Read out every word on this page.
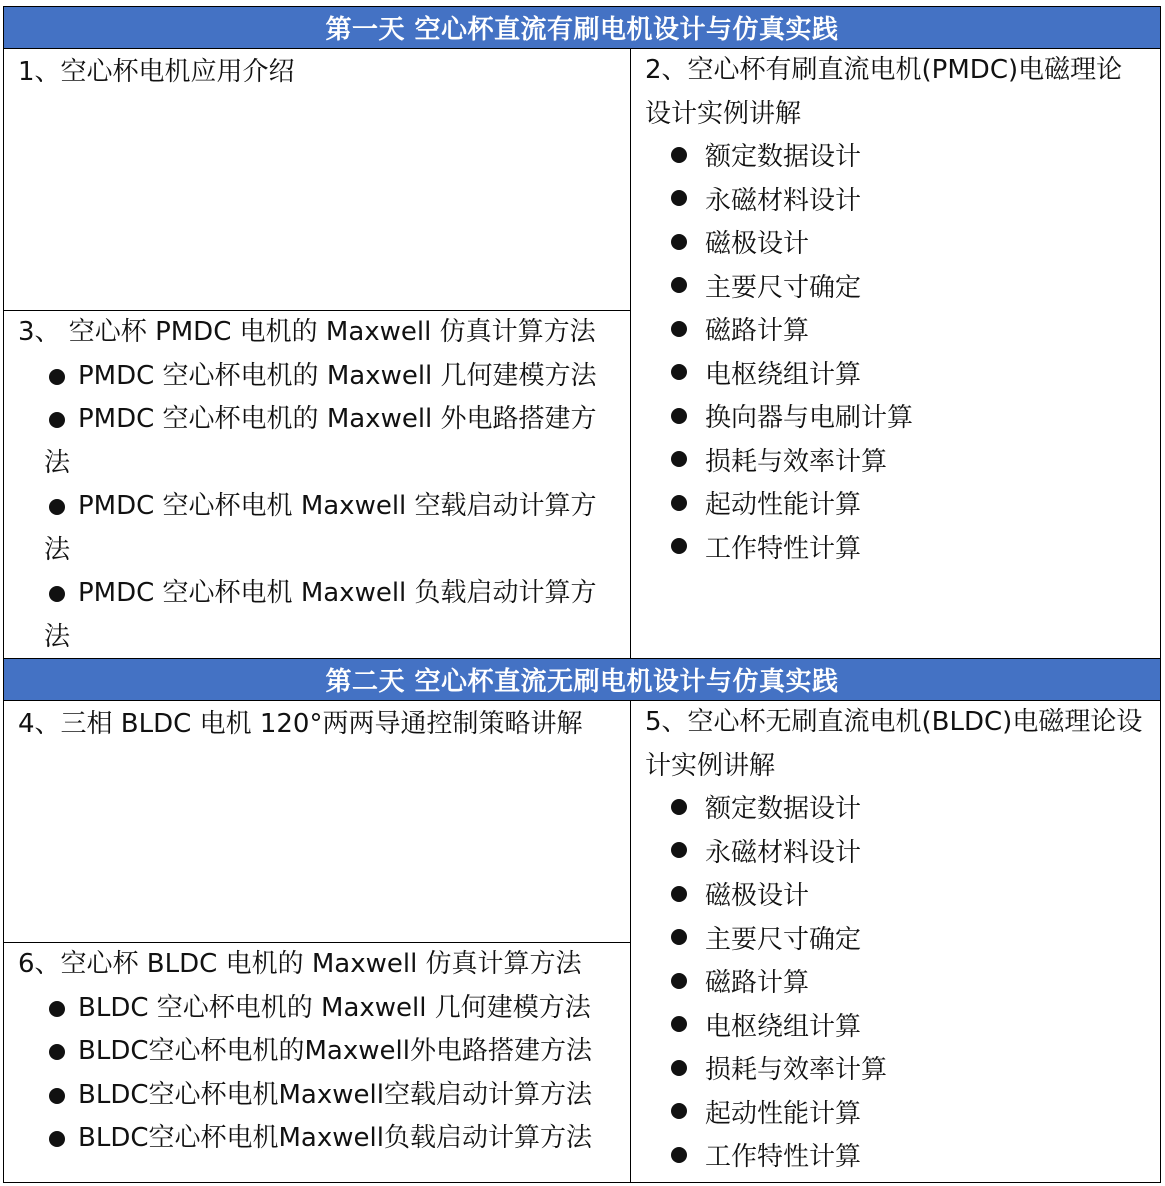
第一天 空心杯直流有刷电机设计与仿真实践
1、空心杯电机应用介绍
3、 空心杯 PMDC 电机的 Maxwell 仿真计算方法
PMDC 空心杯电机的 Maxwell 几何建模方法
PMDC 空心杯电机的 Maxwell 外电路搭建方
法
PMDC 空心杯电机 Maxwell 空载启动计算方
法
PMDC 空心杯电机 Maxwell 负载启动计算方
法
2、空心杯有刷直流电机(PMDC)电磁理论
设计实例讲解
额定数据设计
永磁材料设计
磁极设计
主要尺寸确定
磁路计算
电枢绕组计算
换向器与电刷计算
损耗与效率计算
起动性能计算
工作特性计算
第二天 空心杯直流无刷电机设计与仿真实践
4、三相 BLDC 电机 120°两两导通控制策略讲解
6、空心杯 BLDC 电机的 Maxwell 仿真计算方法
BLDC 空心杯电机的 Maxwell 几何建模方法
BLDC空心杯电机的Maxwell外电路搭建方法
BLDC空心杯电机Maxwell空载启动计算方法
BLDC空心杯电机Maxwell负载启动计算方法
5、空心杯无刷直流电机(BLDC)电磁理论设
计实例讲解
额定数据设计
永磁材料设计
磁极设计
主要尺寸确定
磁路计算
电枢绕组计算
损耗与效率计算
起动性能计算
工作特性计算
